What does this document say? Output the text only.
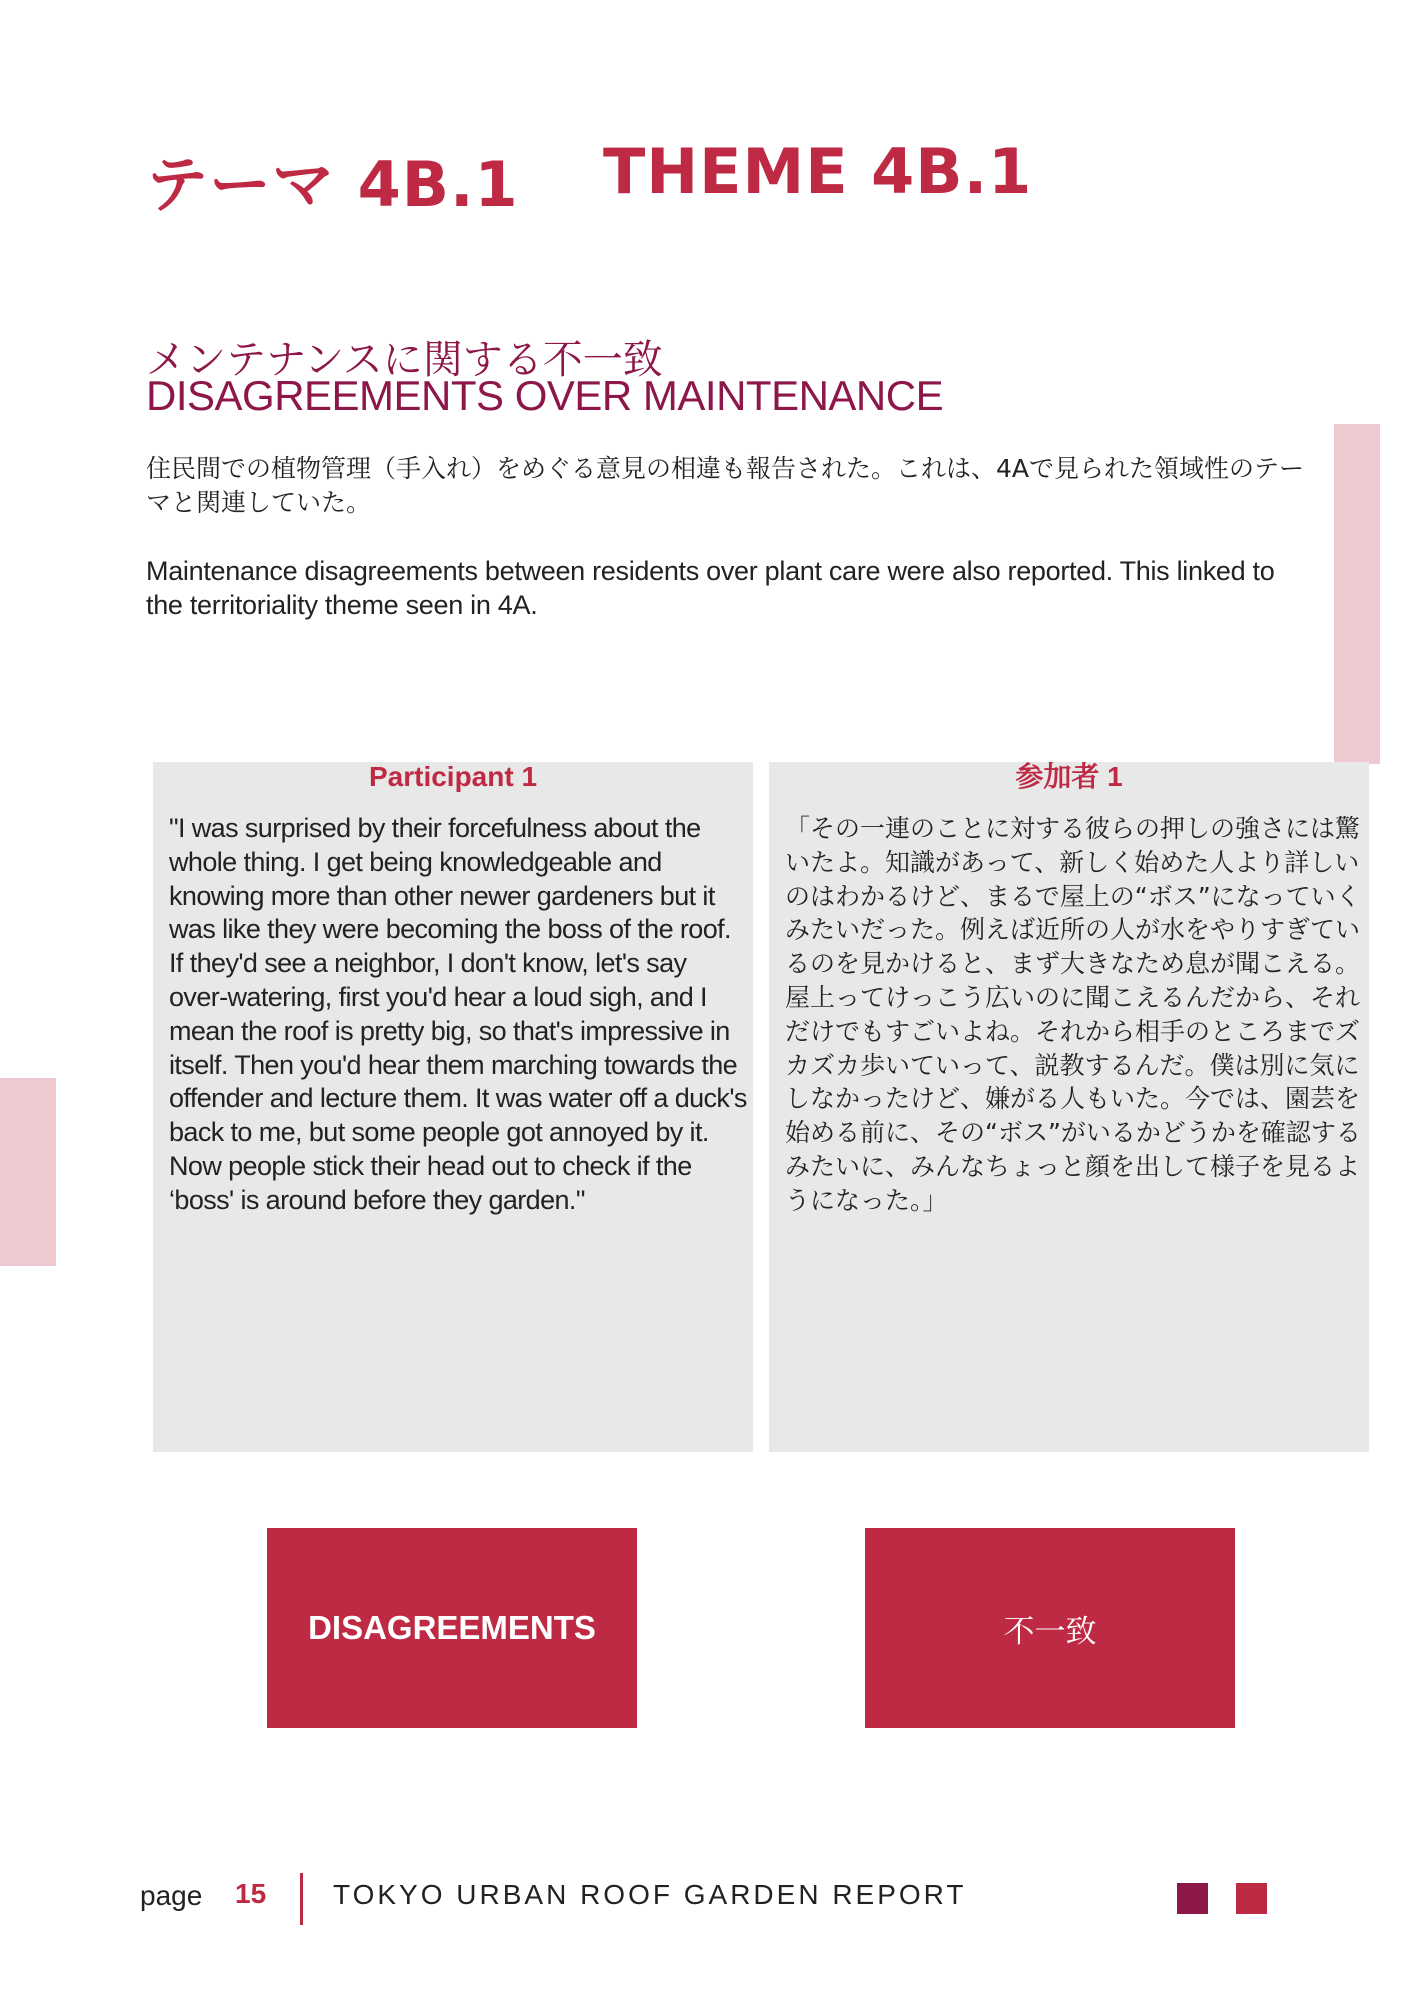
テーマ 4B.1 THEME 4B.1
メンテナンスに関する不一致
DISAGREEMENTS OVER MAINTENANCE
住民間での植物管理（手入れ）をめぐる意見の相違も報告された。これは、4Aで見られた領域性のテーマと関連していた。
Maintenance disagreements between residents over plant care were also reported. This linked to the territoriality theme seen in 4A.
Participant 1
"I was surprised by their forcefulness about the whole thing. I get being knowledgeable and knowing more than other newer gardeners but it was like they were becoming the boss of the roof. If they'd see a neighbor, I don't know, let's say over-watering, first you'd hear a loud sigh, and I mean the roof is pretty big, so that's impressive in itself. Then you'd hear them marching towards the offender and lecture them. It was water off a duck's back to me, but some people got annoyed by it. Now people stick their head out to check if the ‘boss' is around before they garden."
参加者 1
「その一連のことに対する彼らの押しの強さには驚いたよ。知識があって、新しく始めた人より詳しいのはわかるけど、まるで屋上の“ボス”になっていくみたいだった。例えば近所の人が水をやりすぎているのを見かけると、まず大きなため息が聞こえる。屋上ってけっこう広いのに聞こえるんだから、それだけでもすごいよね。それから相手のところまでズカズカ歩いていって、説教するんだ。僕は別に気にしなかったけど、嫌がる人もいた。今では、園芸を始める前に、その“ボス”がいるかどうかを確認するみたいに、みんなちょっと顔を出して様子を見るようになった。」
DISAGREEMENTS	不一致
page 15 TOKYO URBAN ROOF GARDEN REPORT
